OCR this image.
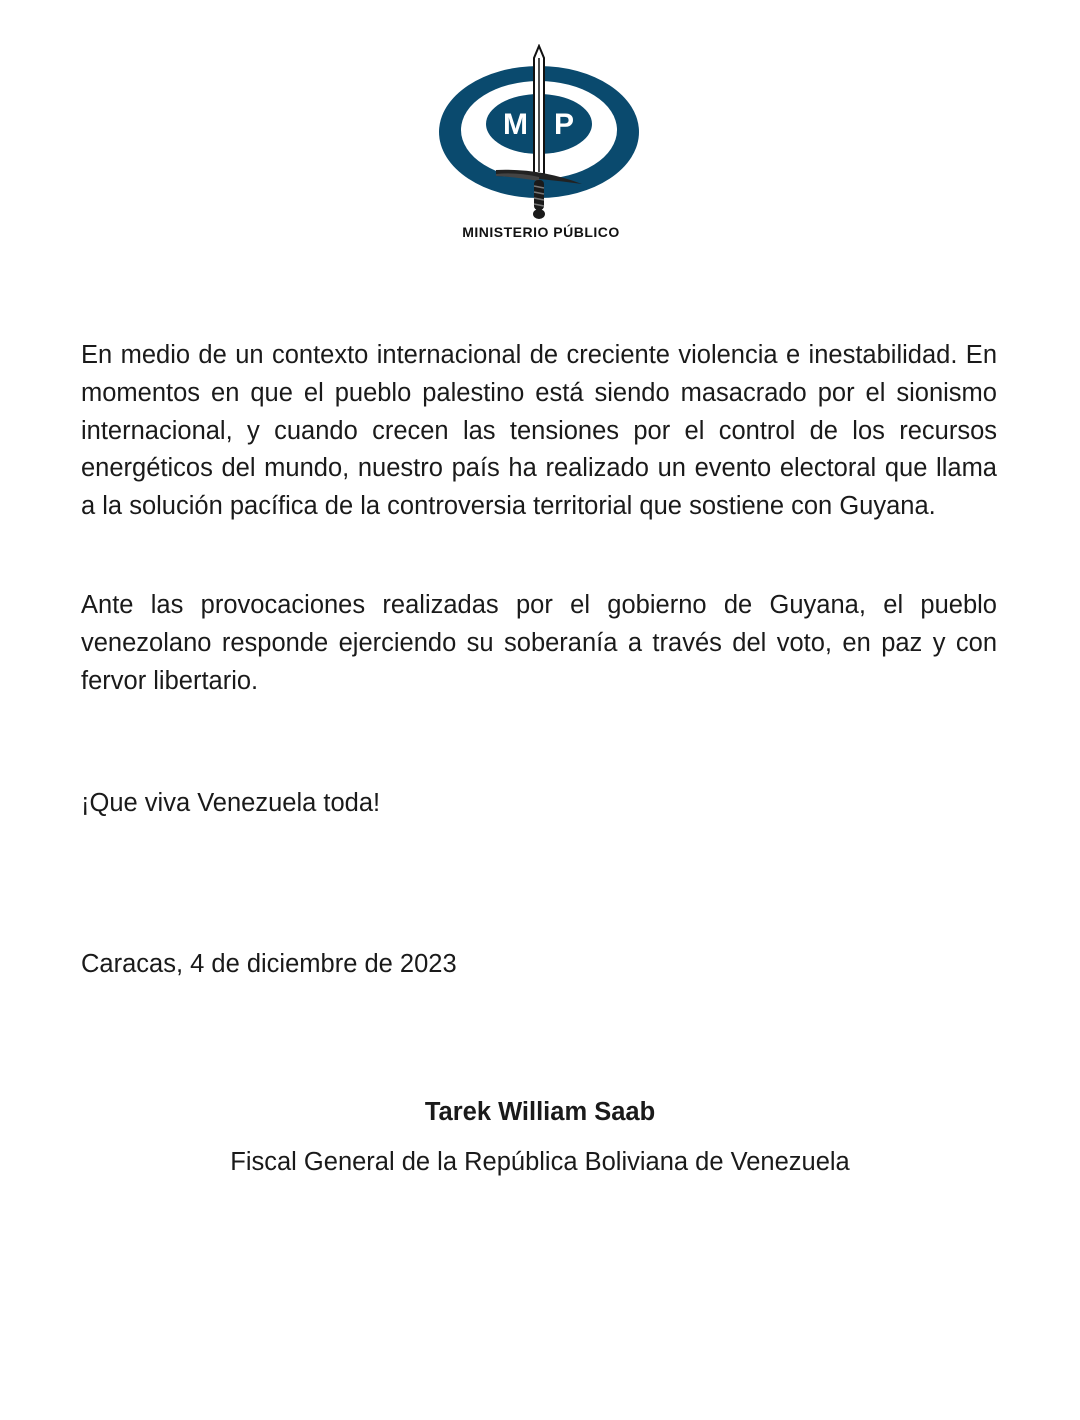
M P
MINISTERIO PÚBLICO

En medio de un contexto internacional de creciente violencia e inestabilidad. En momentos en que el pueblo palestino está siendo masacrado por el sionismo internacional, y cuando crecen las tensiones por el control de los recursos energéticos del mundo, nuestro país ha realizado un evento electoral que llama a la solución pacífica de la controversia territorial que sostiene con Guyana.

Ante las provocaciones realizadas por el gobierno de Guyana, el pueblo venezolano responde ejerciendo su soberanía a través del voto, en paz y con fervor libertario.

¡Que viva Venezuela toda!

Caracas, 4 de diciembre de 2023

Tarek William Saab

Fiscal General de la República Boliviana de Venezuela
